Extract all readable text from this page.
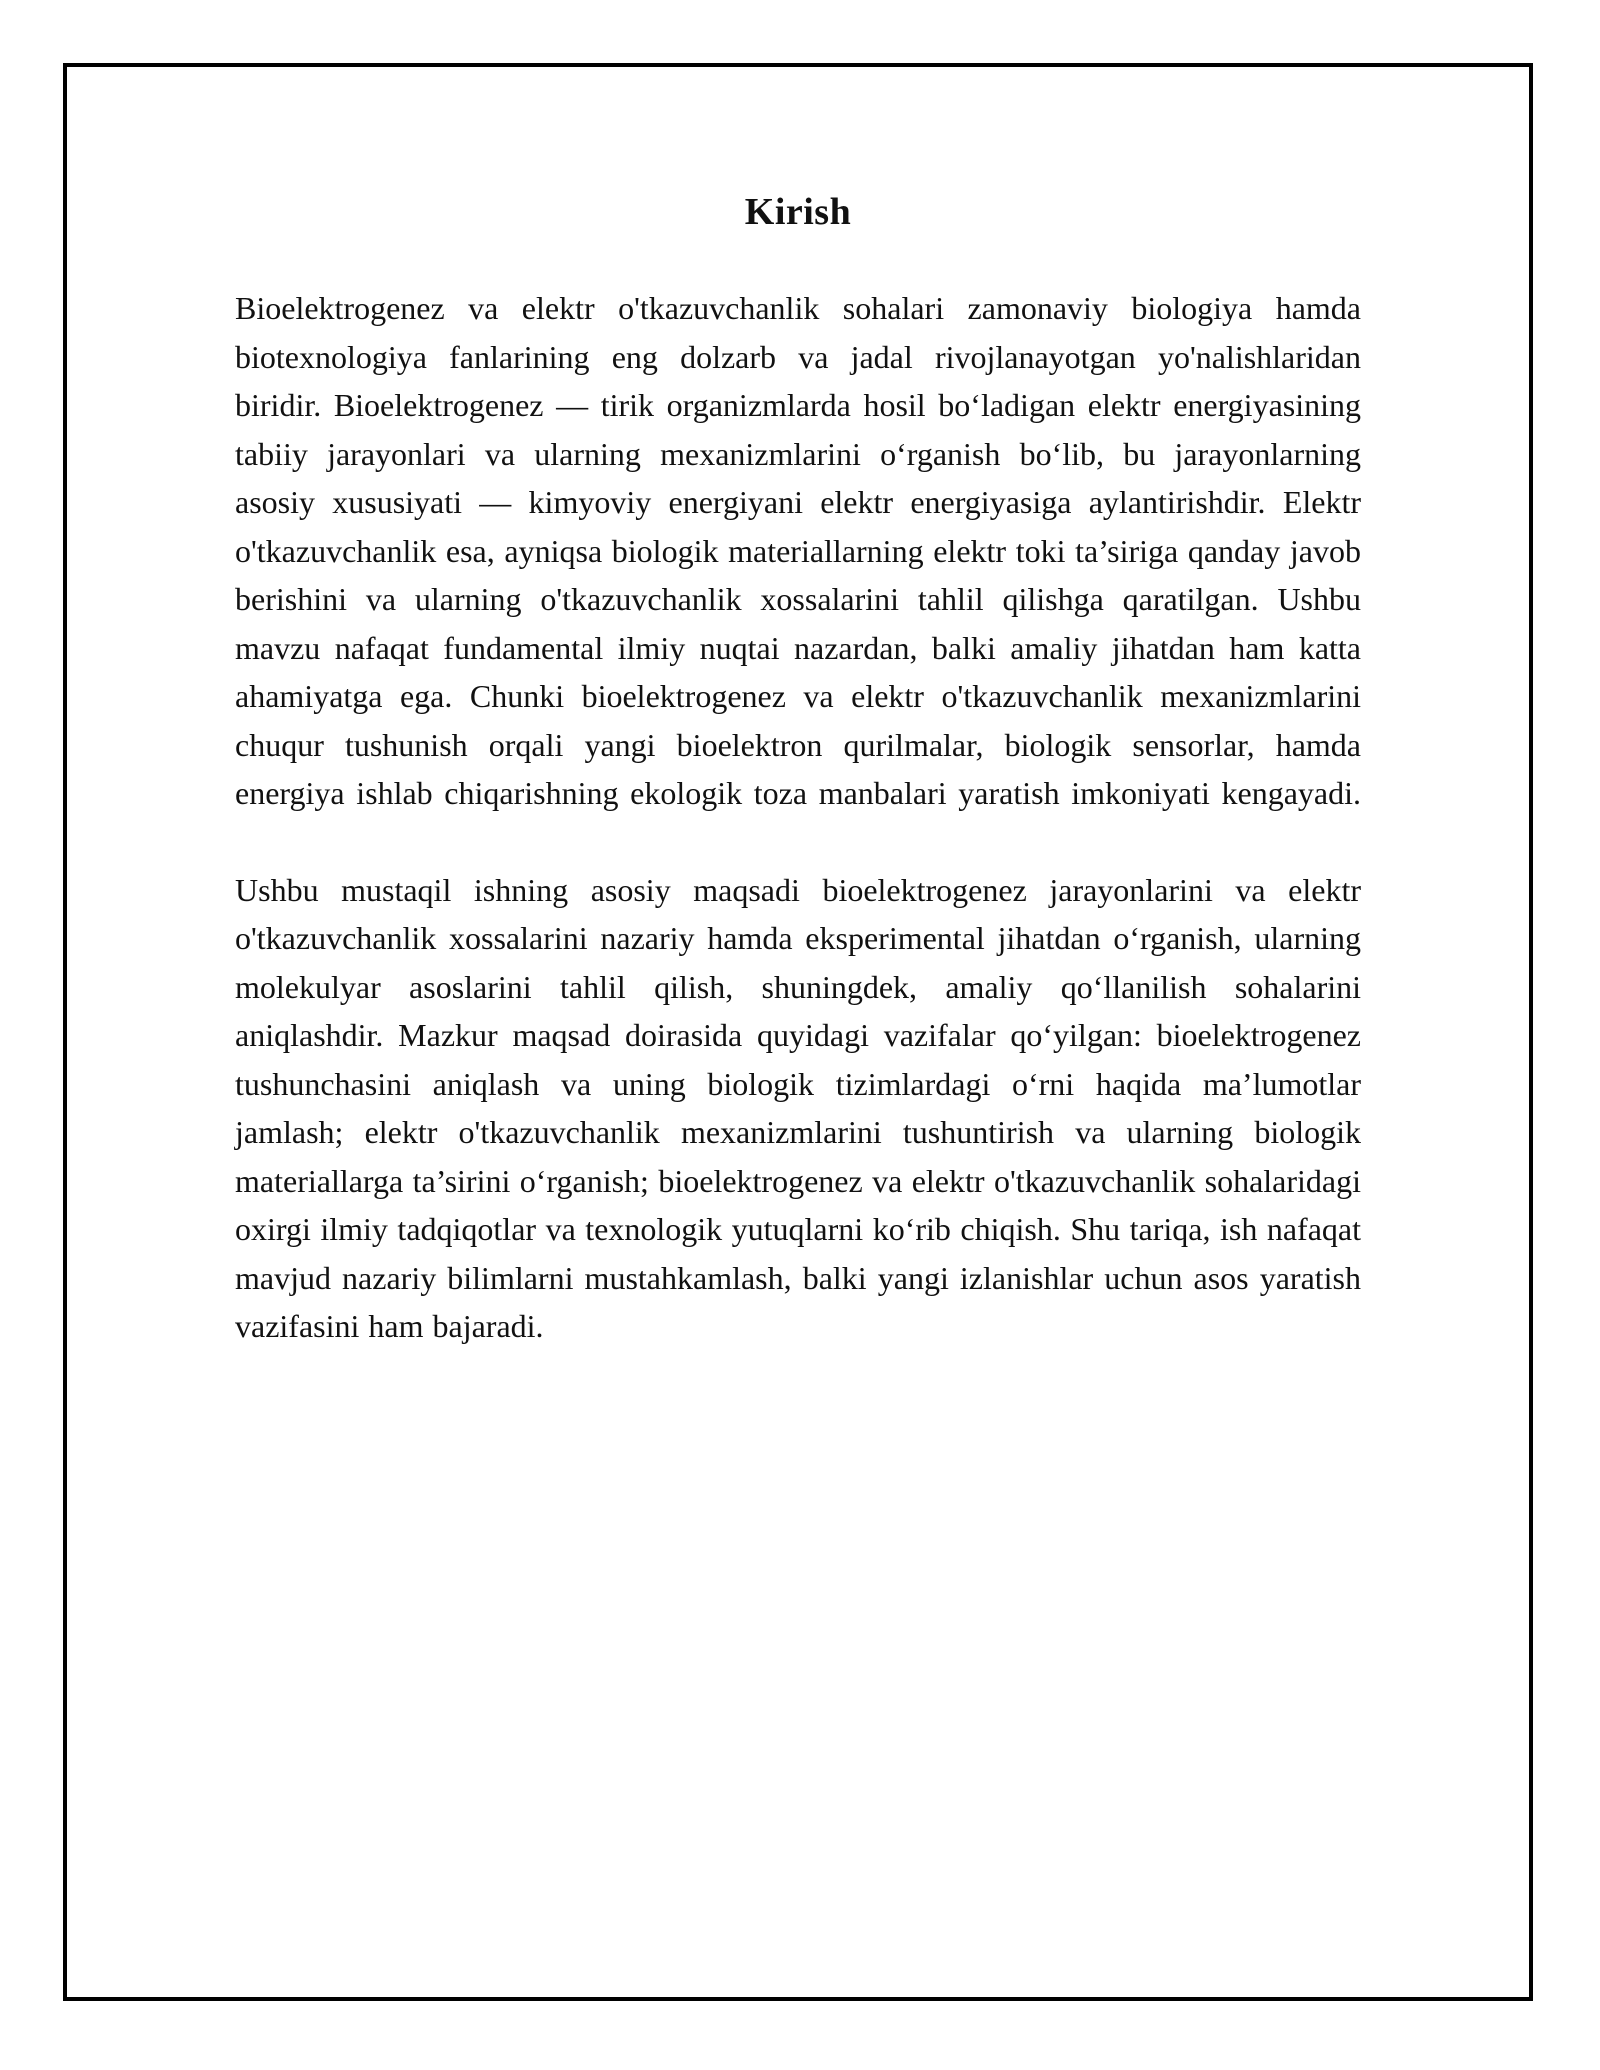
Kirish

Bioelektrogenez va elektr o'tkazuvchanlik sohalari zamonaviy biologiya hamda biotexnologiya fanlarining eng dolzarb va jadal rivojlanayotgan yo'nalishlaridan biridir. Bioelektrogenez — tirik organizmlarda hosil bo‘ladigan elektr energiyasining tabiiy jarayonlari va ularning mexanizmlarini o‘rganish bo‘lib, bu jarayonlarning asosiy xususiyati — kimyoviy energiyani elektr energiyasiga aylantirishdir. Elektr o'tkazuvchanlik esa, ayniqsa biologik materiallarning elektr toki ta’siriga qanday javob berishini va ularning o'tkazuvchanlik xossalarini tahlil qilishga qaratilgan. Ushbu mavzu nafaqat fundamental ilmiy nuqtai nazardan, balki amaliy jihatdan ham katta ahamiyatga ega. Chunki bioelektrogenez va elektr o'tkazuvchanlik mexanizmlarini chuqur tushunish orqali yangi bioelektron qurilmalar, biologik sensorlar, hamda energiya ishlab chiqarishning ekologik toza manbalari yaratish imkoniyati kengayadi.

Ushbu mustaqil ishning asosiy maqsadi bioelektrogenez jarayonlarini va elektr o'tkazuvchanlik xossalarini nazariy hamda eksperimental jihatdan o‘rganish, ularning molekulyar asoslarini tahlil qilish, shuningdek, amaliy qo‘llanilish sohalarini aniqlashdir. Mazkur maqsad doirasida quyidagi vazifalar qo‘yilgan: bioelektrogenez tushunchasini aniqlash va uning biologik tizimlardagi o‘rni haqida ma’lumotlar jamlash; elektr o'tkazuvchanlik mexanizmlarini tushuntirish va ularning biologik materiallarga ta’sirini o‘rganish; bioelektrogenez va elektr o'tkazuvchanlik sohalaridagi oxirgi ilmiy tadqiqotlar va texnologik yutuqlarni ko‘rib chiqish. Shu tariqa, ish nafaqat mavjud nazariy bilimlarni mustahkamlash, balki yangi izlanishlar uchun asos yaratish vazifasini ham bajaradi.
